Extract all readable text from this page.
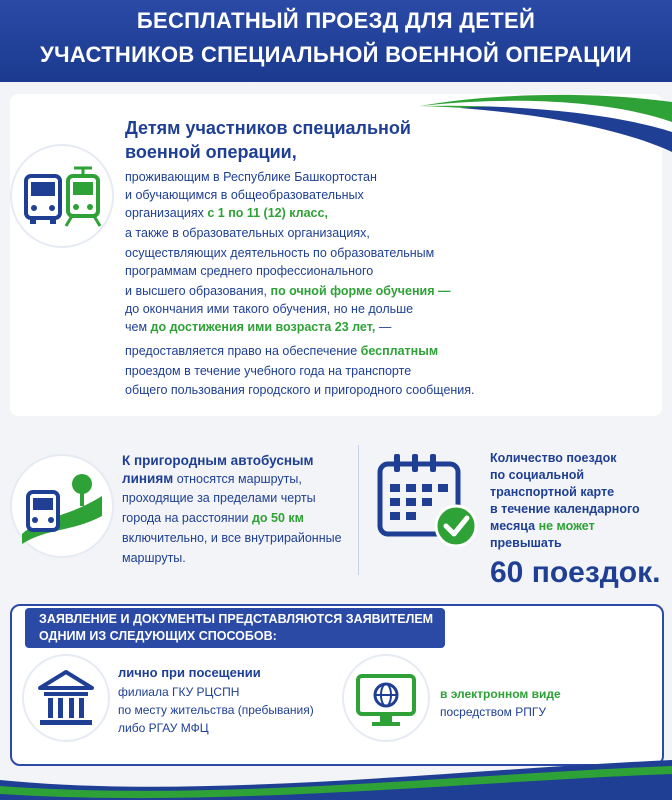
БЕСПЛАТНЫЙ ПРОЕЗД ДЛЯ ДЕТЕЙ
УЧАСТНИКОВ СПЕЦИАЛЬНОЙ ВОЕННОЙ ОПЕРАЦИИ
Детям участников специальной
военной операции,
проживающим в Республике Башкортостан
и обучающимся в общеобразовательных
организациях с 1 по 11 (12) класс,
а также в образовательных организациях,
осуществляющих деятельность по образовательным
программам среднего профессионального
и высшего образования, по очной форме обучения —
до окончания ими такого обучения, но не дольше
чем до достижения ими возраста 23 лет, —
предоставляется право на обеспечение бесплатным
проездом в течение учебного года на транспорте
общего пользования городского и пригородного сообщения.
К пригородным автобусным
линиям относятся маршруты,
проходящие за пределами черты
города на расстоянии до 50 км
включительно, и все внутрирайонные
маршруты.
Количество поездок
по социальной
транспортной карте
в течение календарного
месяца не может
превышать
60 поездок.
ЗАЯВЛЕНИЕ И ДОКУМЕНТЫ ПРЕДСТАВЛЯЮТСЯ ЗАЯВИТЕЛЕМ
ОДНИМ ИЗ СЛЕДУЮЩИХ СПОСОБОВ:
лично при посещении
филиала ГКУ РЦСПН
по месту жительства (пребывания)
либо РГАУ МФЦ
в электронном виде
посредством РПГУ
